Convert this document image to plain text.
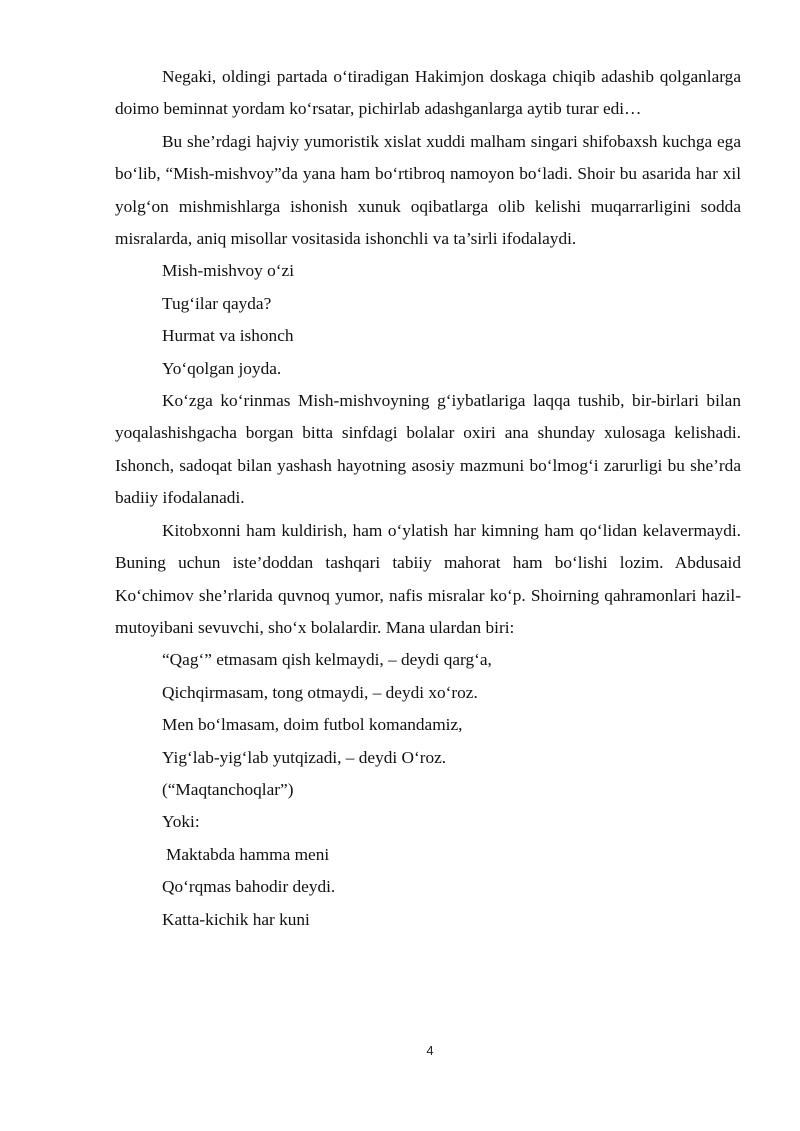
Negaki, oldingi partada o‘tiradigan Hakimjon doskaga chiqib adashib qolganlarga doimo beminnat yordam ko‘rsatar, pichirlab adashganlarga aytib turar edi…

Bu she’rdagi hajviy yumoristik xislat xuddi malham singari shifobaxsh kuchga ega bo‘lib, “Mish-mishvoy”da yana ham bo‘rtibroq namoyon bo‘ladi. Shoir bu asarida har xil yolg‘on mishmishlarga ishonish xunuk oqibatlarga olib kelishi muqarrarligini sodda misralarda, aniq misollar vositasida ishonchli va ta’sirli ifodalaydi.

Mish-mishvoy o‘zi

Tug‘ilar qayda?

Hurmat va ishonch

Yo‘qolgan joyda.

Ko‘zga ko‘rinmas Mish-mishvoyning g‘iybatlariga laqqa tushib, bir-birlari bilan yoqalashishgacha borgan bitta sinfdagi bolalar oxiri ana shunday xulosaga kelishadi. Ishonch, sadoqat bilan yashash hayotning asosiy mazmuni bo‘lmog‘i zarurligi bu she’rda badiiy ifodalanadi.

Kitobxonni ham kuldirish, ham o‘ylatish har kimning ham qo‘lidan kelavermaydi. Buning uchun iste’doddan tashqari tabiiy mahorat ham bo‘lishi lozim. Abdusaid Ko‘chimov she’rlarida quvnoq yumor, nafis misralar ko‘p. Shoirning qahramonlari hazil-mutoyibani sevuvchi, sho‘x bolalardir. Mana ulardan biri:

“Qag‘” etmasam qish kelmaydi, – deydi qarg‘a,

Qichqirmasam, tong otmaydi, – deydi xo‘roz.

Men bo‘lmasam, doim futbol komandamiz,

Yig‘lab-yig‘lab yutqizadi, – deydi O‘roz.

(“Maqtanchoqlar”)

Yoki:

Maktabda hamma meni

Qo‘rqmas bahodir deydi.

Katta-kichik har kuni

4
